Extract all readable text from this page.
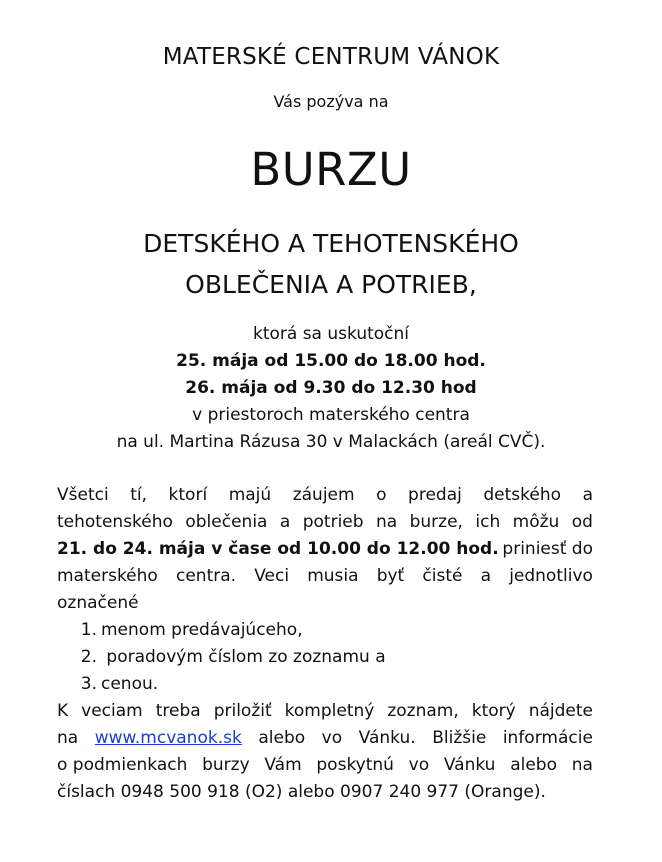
MATERSKÉ CENTRUM VÁNOK
Vás pozýva na
BURZU
DETSKÉHO A TEHOTENSKÉHO
OBLEČENIA A POTRIEB,
ktorá sa uskutoční
25. mája od 15.00 do 18.00 hod.
26. mája od 9.30 do 12.30 hod
v priestoroch materského centra
na ul. Martina Rázusa 30 v Malackách (areál CVČ).
Všetci tí, ktorí majú záujem o predaj detského a
tehotenského oblečenia a potrieb na burze, ich môžu od
21. do 24. mája v čase od 10.00 do 12.00 hod. priniesť do
materského centra. Veci musia byť čisté a jednotlivo
označené
1. menom predávajúceho,
2. poradovým číslom zo zoznamu a
3. cenou.
K veciam treba priložiť kompletný zoznam, ktorý nájdete
na www.mcvanok.sk alebo vo Vánku. Bližšie informácie
o podmienkach burzy Vám poskytnú vo Vánku alebo na
číslach 0948 500 918 (O2) alebo 0907 240 977 (Orange).
